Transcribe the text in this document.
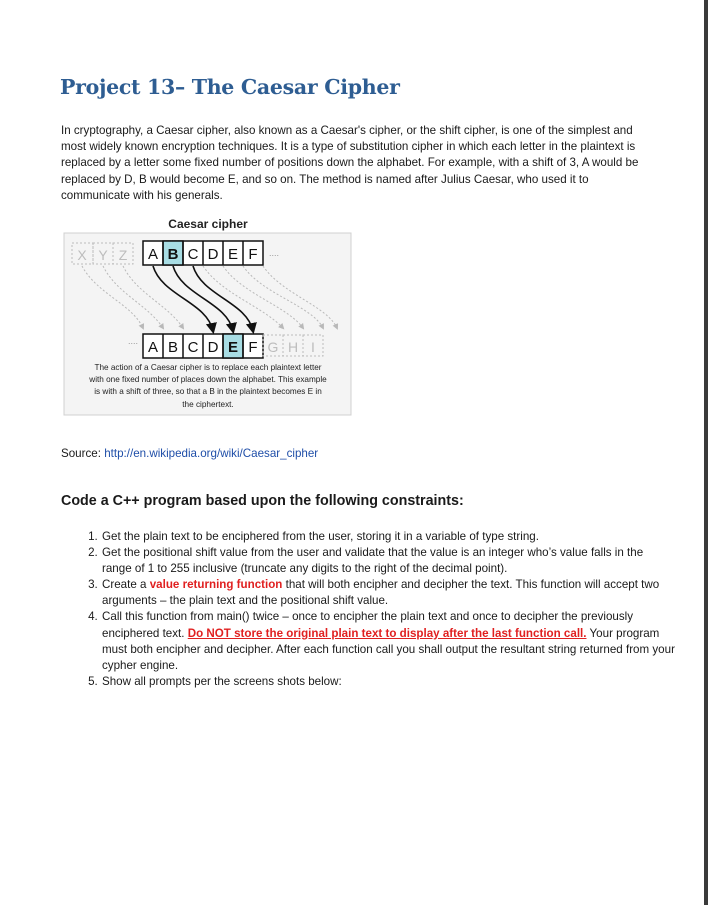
Project 13– The Caesar Cipher

In cryptography, a Caesar cipher, also known as a Caesar's cipher, or the shift cipher, is one of the simplest and most widely known encryption techniques. It is a type of substitution cipher in which each letter in the plaintext is replaced by a letter some fixed number of positions down the alphabet. For example, with a shift of 3, A would be replaced by D, B would become E, and so on. The method is named after Julius Caesar, who used it to communicate with his generals.

Caesar cipher
X Y Z A B C D E F ....
.... A B C D E F G H I
The action of a Caesar cipher is to replace each plaintext letter
with one fixed number of places down the alphabet. This example
is with a shift of three, so that a B in the plaintext becomes E in
the ciphertext.
Source: http://en.wikipedia.org/wiki/Caesar_cipher
Code a C++ program based upon the following constraints:
1. Get the plain text to be enciphered from the user, storing it in a variable of type string.
2. Get the positional shift value from the user and validate that the value is an integer who’s value falls in the range of 1 to 255 inclusive (truncate any digits to the right of the decimal point).
3. Create a value returning function that will both encipher and decipher the text. This function will accept two arguments – the plain text and the positional shift value.
4. Call this function from main() twice – once to encipher the plain text and once to decipher the previously enciphered text. Do NOT store the original plain text to display after the last function call. Your program must both encipher and decipher. After each function call you shall output the resultant string returned from your cypher engine.
5. Show all prompts per the screens shots below:
